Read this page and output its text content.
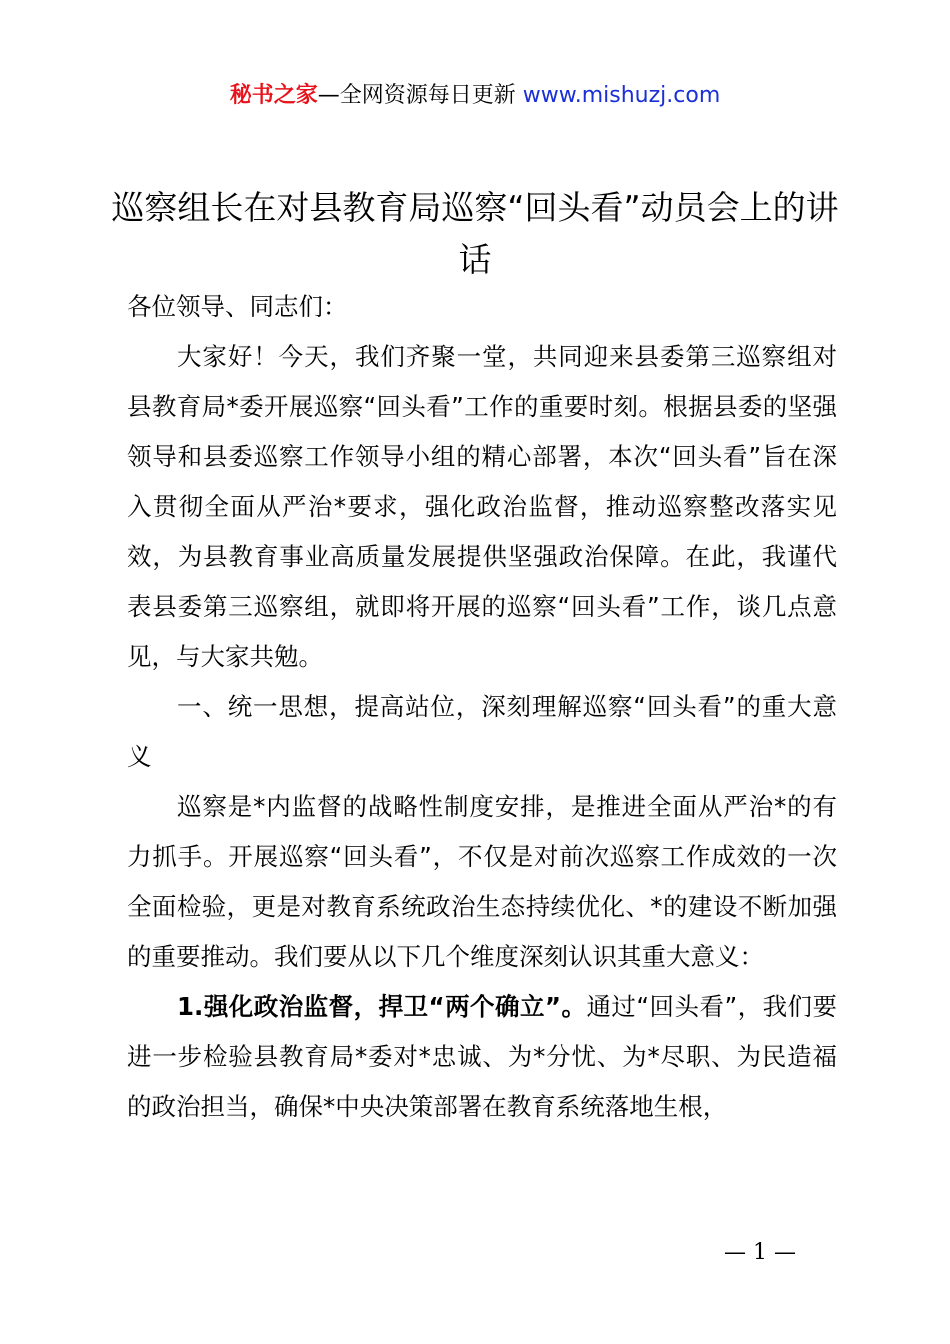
秘书之家—全网资源每日更新 www.mishuzj.com
巡察组长在对县教育局巡察“回头看”动员会上的讲话

各位领导、同志们：

大家好！今天，我们齐聚一堂，共同迎来县委第三巡察组对县教育局*委开展巡察“回头看”工作的重要时刻。根据县委的坚强领导和县委巡察工作领导小组的精心部署，本次“回头看”旨在深入贯彻全面从严治*要求，强化政治监督，推动巡察整改落实见效，为县教育事业高质量发展提供坚强政治保障。在此，我谨代表县委第三巡察组，就即将开展的巡察“回头看”工作，谈几点意见，与大家共勉。

一、统一思想，提高站位，深刻理解巡察“回头看”的重大意义

巡察是*内监督的战略性制度安排，是推进全面从严治*的有力抓手。开展巡察“回头看”，不仅是对前次巡察工作成效的一次全面检验，更是对教育系统政治生态持续优化、*的建设不断加强的重要推动。我们要从以下几个维度深刻认识其重大意义：

1.强化政治监督，捍卫“两个确立”。通过“回头看”，我们要进一步检验县教育局*委对*忠诚、为*分忧、为*尽职、为民造福的政治担当，确保*中央决策部署在教育系统落地生根，

— 1 —
